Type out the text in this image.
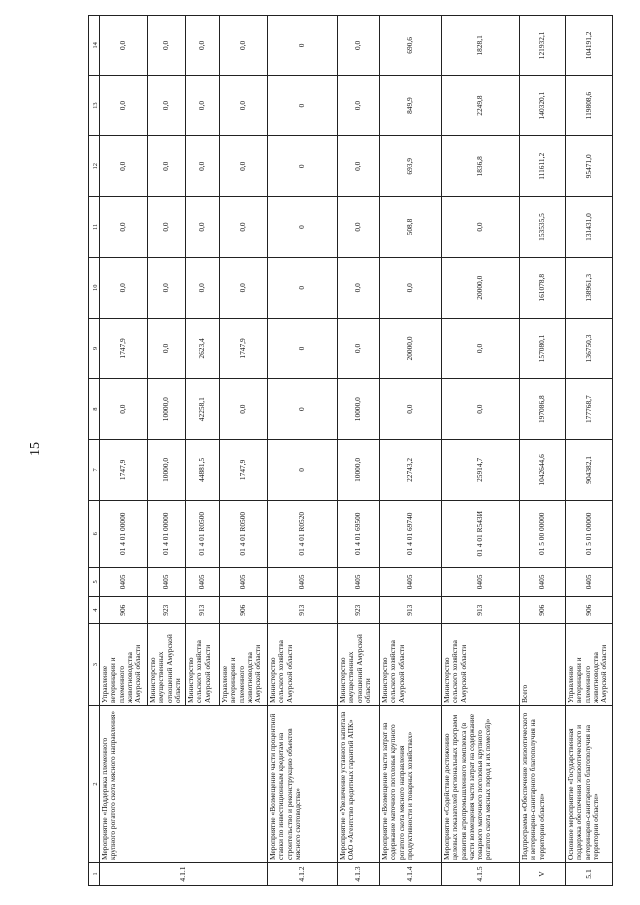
15
1	2	3	4	5	6	7	8	9	10	11	12	13	14
4.1.1	Мероприятие «Поддержка племенного крупного рогатого скота мясного направления»	Управление ветеринарии и племенного животноводства Амурской области	906	0405	01 4 01 00000	1747,9	0,0	1747,9	0,0	0,0	0,0	0,0	0,0
		Министерство имущественных отношений Амурской области	923	0405	01 4 01 00000	10000,0	10000,0	0,0	0,0	0,0	0,0	0,0	0,0
		Министерство сельского хозяйства Амурской области	913	0405	01 4 01 R0500	44881,5	42258,1	2623,4	0,0	0,0	0,0	0,0	0,0
		Управление ветеринарии и племенного животноводства Амурской области	906	0405	01 4 01 R0500	1747,9	0,0	1747,9	0,0	0,0	0,0	0,0	0,0
4.1.2	Мероприятие «Возмещение части процентной ставки по инвестиционным кредитам на строительство и реконструкцию объектов мясного скотоводства»	Министерство сельского хозяйства Амурской области	913	0405	01 4 01 R0520	0	0	0	0	0	0	0	0
4.1.3	Мероприятие «Увеличение уставного капитала ОАО «Агентство кредитных гарантий АПК»	Министерство имущественных отношений Амурской области	923	0405	01 4 01 69500	10000,0	10000,0	0,0	0,0	0,0	0,0	0,0	0,0
4.1.4	Мероприятие «Возмещение части затрат на содержание маточного поголовья крупного рогатого скота мясного направления продуктивности и товарных хозяйствах»	Министерство сельского хозяйства Амурской области	913	0405	01 4 01 69740	22743,2	0,0	20000,0	0,0	508,8	693,9	849,9	690,6
4.1.5	Мероприятие «Содействие достижению целевых показателей региональных программ развития агропромышленного комплекса (в части возмещения части затрат на содержание товарного маточного поголовья крупного рогатого скота мясных пород и их помесей)»	Министерство сельского хозяйства Амурской области	913	0405	01 4 01 R543И	25914,7	0,0	0,0	20000,0	0,0	1836,8	2249,8	1828,1
V	Подпрограмма «Обеспечение эпизоотического и ветеринарно-санитарного благополучия на территории области»	Всего	906	0405	01 5 00 00000	1042644,6	197086,8	157080,1	161078,8	153535,5	111611,2	140320,1	121932,1
5.1	Основное мероприятие «Государственная поддержка обеспечения эпизоотического и ветеринарно-санитарного благополучия на территории области»	Управление ветеринарии и племенного животноводства Амурской области	906	0405	01 5 01 00000	904382,1	177768,7	136750,3	138961,3	131431,0	95471,0	119808,6	104191,2
